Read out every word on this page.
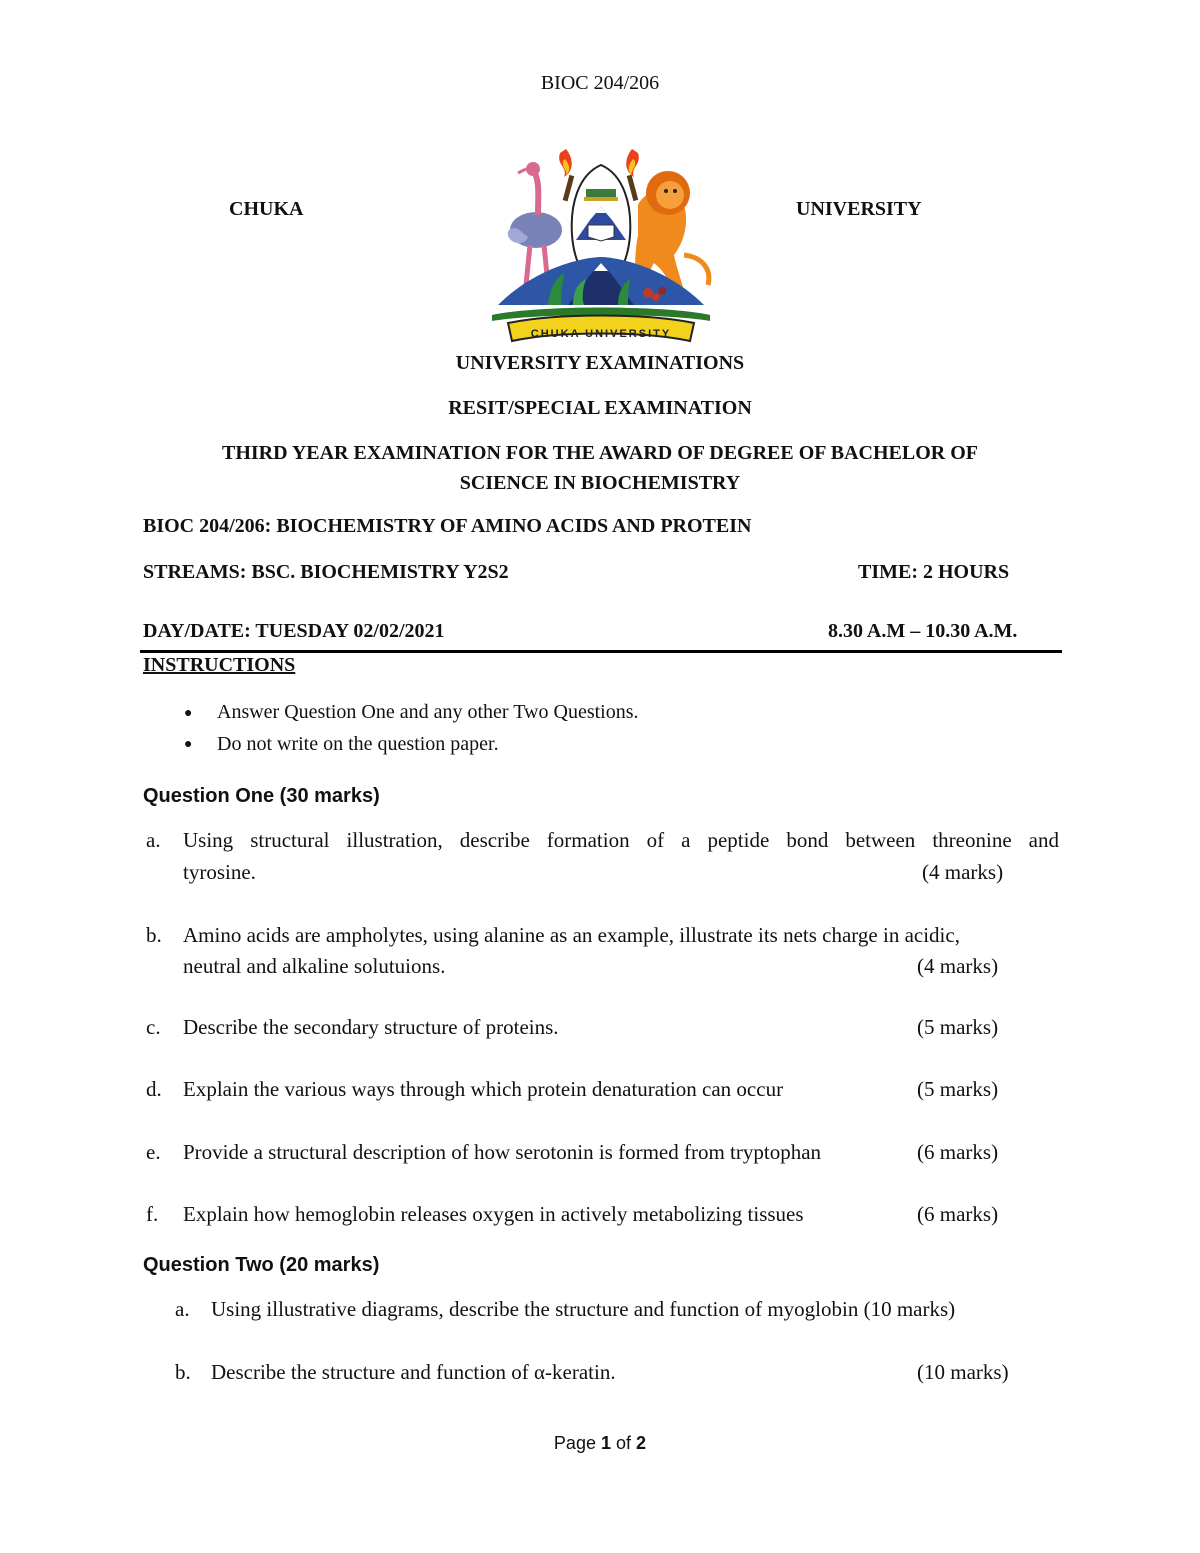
BIOC 204/206
CHUKA	UNIVERSITY
CHUKA UNIVERSITY
UNIVERSITY EXAMINATIONS
RESIT/SPECIAL EXAMINATION
THIRD YEAR EXAMINATION FOR THE AWARD OF DEGREE OF BACHELOR OF
SCIENCE IN BIOCHEMISTRY
BIOC 204/206: BIOCHEMISTRY OF AMINO ACIDS AND PROTEIN
STREAMS: BSC. BIOCHEMISTRY Y2S2	TIME: 2 HOURS
DAY/DATE: TUESDAY 02/02/2021	8.30 A.M – 10.30 A.M.
INSTRUCTIONS
● Answer Question One and any other Two Questions.
● Do not write on the question paper.
Question One (30 marks)
a. Using structural illustration, describe formation of a peptide bond between threonine and
tyrosine.	(4 marks)
b. Amino acids are ampholytes, using alanine as an example, illustrate its nets charge in acidic,
neutral and alkaline solutuions.	(4 marks)
c. Describe the secondary structure of proteins.	(5 marks)
d. Explain the various ways through which protein denaturation can occur	(5 marks)
e. Provide a structural description of how serotonin is formed from tryptophan	(6 marks)
f. Explain how hemoglobin releases oxygen in actively metabolizing tissues	(6 marks)
Question Two (20 marks)
a. Using illustrative diagrams, describe the structure and function of myoglobin (10 marks)
b. Describe the structure and function of α-keratin.	(10 marks)
Page 1 of 2
